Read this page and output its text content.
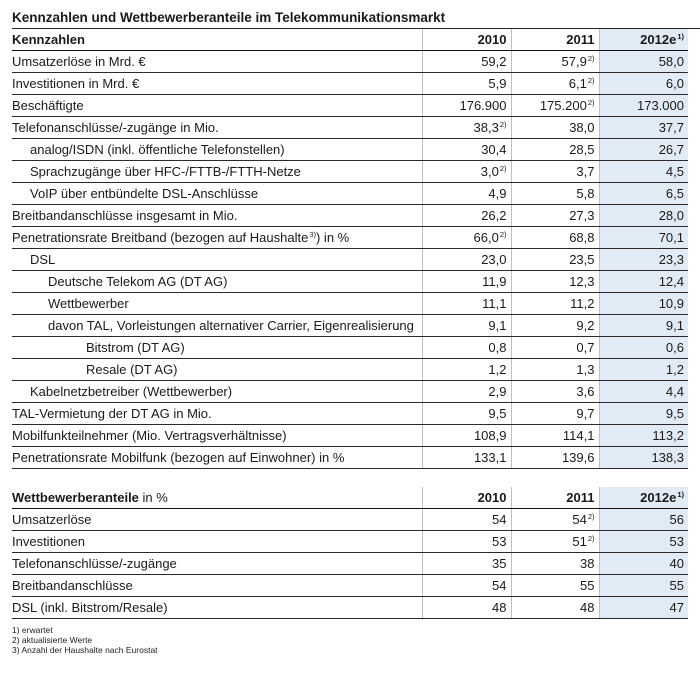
Kennzahlen und Wettbewerberanteile im Telekommunikationsmarkt
Kennzahlen	2010	2011	$2012e^{1)}$
Umsatzerlöse in Mrd. €	59,2	57,9$^{2)}$	58,0
Investitionen in Mrd. €	5,9	6,1$^{2)}$	6,0
Beschäftigte	176.900	175.200$^{2)}$	173.000
Telefonanschlüsse/-zugänge in Mio.	38,3$^{2)}$	38,0	37,7
analog/ISDN (inkl. öffentliche Telefonstellen)	30,4	28,5	26,7
Sprachzugänge über HFC-/FTTB-/FTTH-Netze	3,0$^{2)}$	3,7	4,5
VoIP über entbündelte DSL-Anschlüsse	4,9	5,8	6,5
Breitbandanschlüsse insgesamt in Mio.	26,2	27,3	28,0
Penetrationsrate Breitband (bezogen auf Haushalte$^{3)}$) in %	66,0$^{2)}$	68,8	70,1
DSL	23,0	23,5	23,3
Deutsche Telekom AG (DT AG)	11,9	12,3	12,4
Wettbewerber	11,1	11,2	10,9
davon TAL, Vorleistungen alternativer Carrier, Eigenrealisierung	9,1	9,2	9,1
Bitstrom (DT AG)	0,8	0,7	0,6
Resale (DT AG)	1,2	1,3	1,2
Kabelnetzbetreiber (Wettbewerber)	2,9	3,6	4,4
TAL-Vermietung der DT AG in Mio.	9,5	9,7	9,5
Mobilfunkteilnehmer (Mio. Vertragsverhältnisse)	108,9	114,1	113,2
Penetrationsrate Mobilfunk (bezogen auf Einwohner) in %	133,1	139,6	138,3
Wettbewerberanteile in %	2010	2011	$2012e^{1)}$
Umsatzerlöse	54	54$^{2)}$	56
Investitionen	53	51$^{2)}$	53
Telefonanschlüsse/-zugänge	35	38	40
Breitbandanschlüsse	54	55	55
DSL (inkl. Bitstrom/Resale)	48	48	47
1) erwartet
2) aktualisierte Werte
3) Anzahl der Haushalte nach Eurostat
